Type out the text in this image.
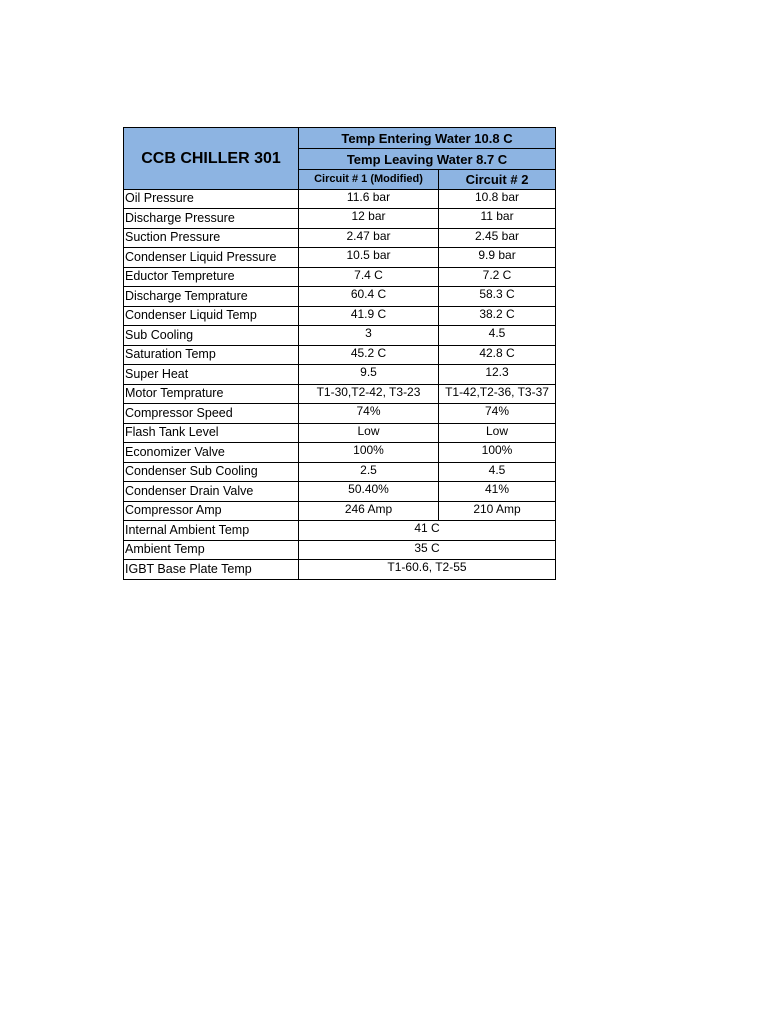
CCB CHILLER 301	Temp Entering Water 10.8 C	
	Temp Leaving Water 8.7 C	
	Circuit # 1 (Modified)	Circuit # 2
Oil Pressure	11.6 bar	10.8 bar
Discharge Pressure	12 bar	11 bar
Suction Pressure	2.47 bar	2.45 bar
Condenser Liquid Pressure	10.5 bar	9.9 bar
Eductor Tempreture	7.4 C	7.2 C
Discharge Temprature	60.4 C	58.3 C
Condenser Liquid Temp	41.9 C	38.2 C
Sub Cooling	3	4.5
Saturation Temp	45.2 C	42.8 C
Super Heat	9.5	12.3
Motor Temprature	T1-30,T2-42, T3-23	T1-42,T2-36, T3-37
Compressor Speed	74%	74%
Flash Tank Level	Low	Low
Economizer Valve	100%	100%
Condenser Sub Cooling	2.5	4.5
Condenser Drain Valve	50.40%	41%
Compressor Amp	246 Amp	210 Amp
Internal Ambient Temp	41 C	
Ambient Temp	35 C	
IGBT Base Plate Temp	T1-60.6, T2-55	
